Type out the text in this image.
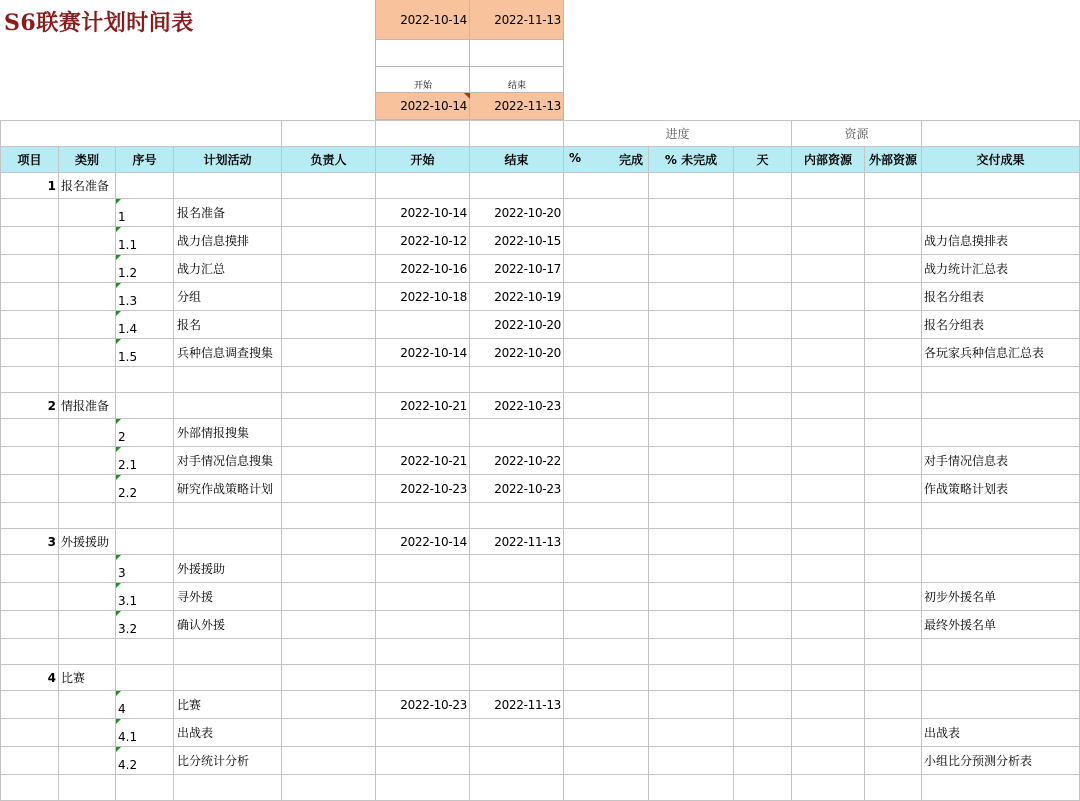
S6联赛计划时间表	2022-10-14	2022-11-13
开始	结束
2022-10-14	2022-11-13
							进度			资源		
项目	类别	序号	计划活动	负责人	开始	结束	% 完成	% 未完成	天	内部资源	外部资源	交付成果
1	报名准备											
		1	报名准备		2022-10-14	2022-10-20						
		1.1	战力信息摸排		2022-10-12	2022-10-15						战力信息摸排表
		1.2	战力汇总		2022-10-16	2022-10-17						战力统计汇总表
		1.3	分组		2022-10-18	2022-10-19						报名分组表
		1.4	报名			2022-10-20						报名分组表
		1.5	兵种信息调查搜集		2022-10-14	2022-10-20						各玩家兵种信息汇总表

2	情报准备				2022-10-21	2022-10-23						
		2	外部情报搜集									
		2.1	对手情况信息搜集		2022-10-21	2022-10-22						对手情况信息表
		2.2	研究作战策略计划		2022-10-23	2022-10-23						作战策略计划表

3	外援援助				2022-10-14	2022-11-13						
		3	外援援助									
		3.1	寻外援									初步外援名单
		3.2	确认外援									最终外援名单

4	比赛											
		4	比赛		2022-10-23	2022-11-13						
		4.1	出战表									出战表
		4.2	比分统计分析									小组比分预测分析表
